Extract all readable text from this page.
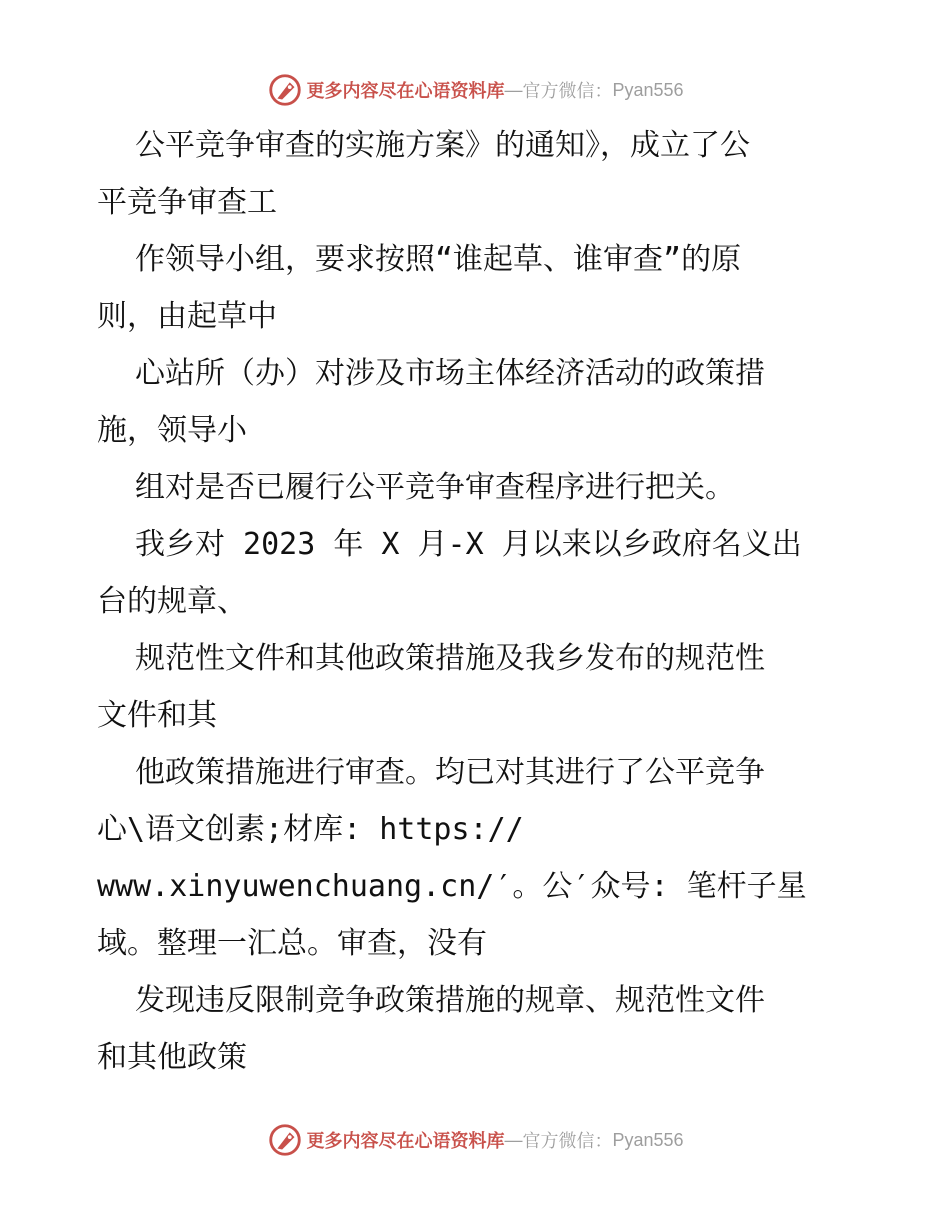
更多内容尽在心语资料库 — 官方微信： Pyan556
公平竞争审查的实施方案》的通知》，成立了公
平竞争审查工
作领导小组，要求按照“谁起草、谁审查”的原
则，由起草中
心站所（办）对涉及市场主体经济活动的政策措
施，领导小
组对是否已履行公平竞争审查程序进行把关。
我乡对 2023 年 X 月-X 月以来以乡政府名义出
台的规章、
规范性文件和其他政策措施及我乡发布的规范性
文件和其
他政策措施进行审查。均已对其进行了公平竞争
心\语文创素;材库: https://
www.xinyuwenchuang.cn/′。公′众号: 笔杆子星
域。整理一汇总。审查，没有
发现违反限制竞争政策措施的规章、规范性文件
和其他政策
更多内容尽在心语资料库 — 官方微信： Pyan556
